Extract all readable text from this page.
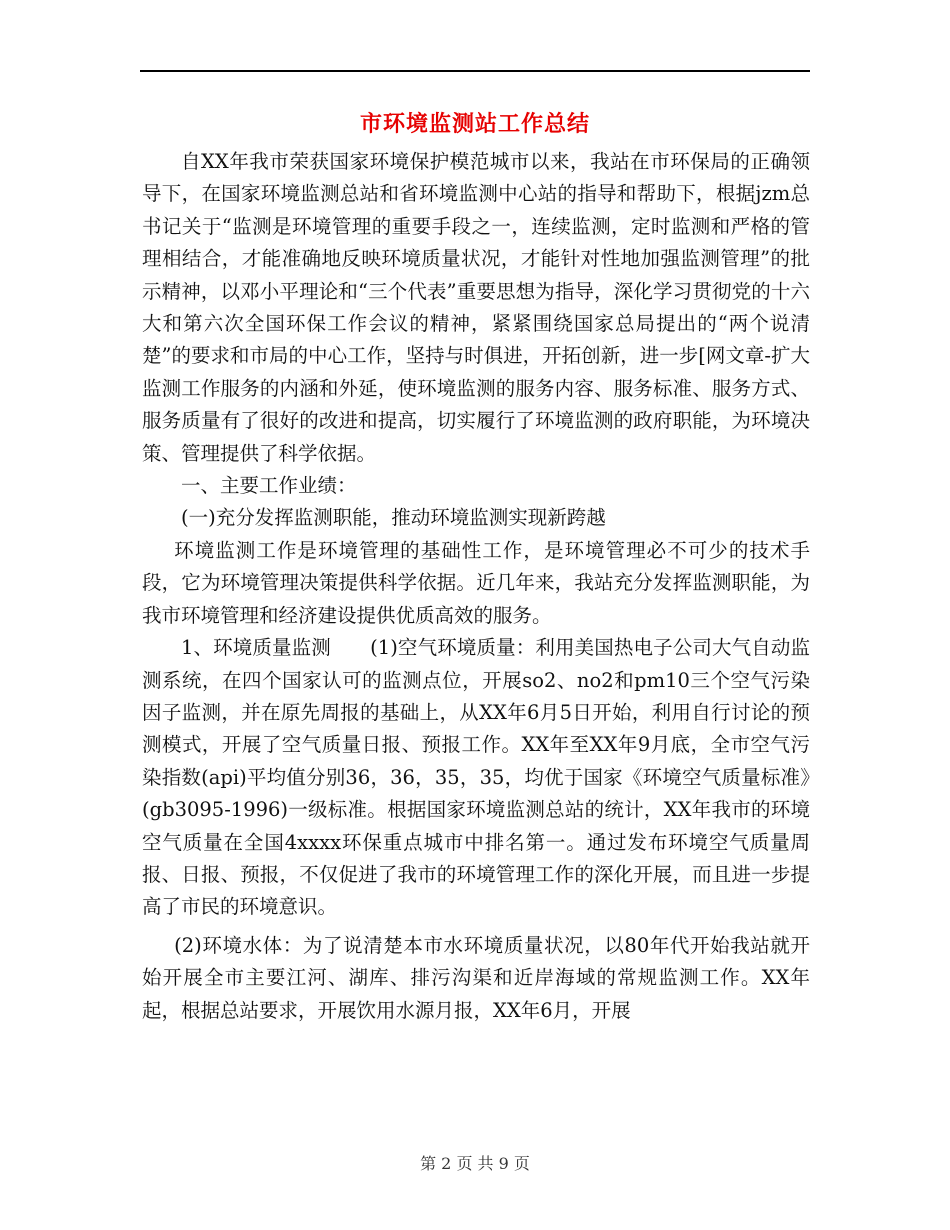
市环境监测站工作总结

自XX年我市荣获国家环境保护模范城市以来，我站在市环保局的正确领导下，在国家环境监测总站和省环境监测中心站的指导和帮助下，根据jzm总书记关于“监测是环境管理的重要手段之一，连续监测，定时监测和严格的管理相结合，才能准确地反映环境质量状况，才能针对性地加强监测管理”的批示精神，以邓小平理论和“三个代表”重要思想为指导，深化学习贯彻党的十六大和第六次全国环保工作会议的精神，紧紧围绕国家总局提出的“两个说清楚”的要求和市局的中心工作，坚持与时俱进，开拓创新，进一步[网文章-扩大监测工作服务的内涵和外延，使环境监测的服务内容、服务标准、服务方式、服务质量有了很好的改进和提高，切实履行了环境监测的政府职能，为环境决策、管理提供了科学依据。

一、主要工作业绩：

(一)充分发挥监测职能，推动环境监测实现新跨越

环境监测工作是环境管理的基础性工作，是环境管理必不可少的技术手段，它为环境管理决策提供科学依据。近几年来，我站充分发挥监测职能，为我市环境管理和经济建设提供优质高效的服务。

1、环境质量监测　　(1)空气环境质量：利用美国热电子公司大气自动监测系统，在四个国家认可的监测点位，开展so2、no2和pm10三个空气污染因子监测，并在原先周报的基础上，从XX年6月5日开始，利用自行讨论的预测模式，开展了空气质量日报、预报工作。XX年至XX年9月底，全市空气污染指数(api)平均值分别36，36，35，35，均优于国家《环境空气质量标准》(gb3095-1996)一级标准。根据国家环境监测总站的统计，XX年我市的环境空气质量在全国4xxxx环保重点城市中排名第一。通过发布环境空气质量周报、日报、预报，不仅促进了我市的环境管理工作的深化开展，而且进一步提高了市民的环境意识。

(2)环境水体：为了说清楚本市水环境质量状况，以80年代开始我站就开始开展全市主要江河、湖库、排污沟渠和近岸海域的常规监测工作。XX年起，根据总站要求，开展饮用水源月报，XX年6月，开展

第 2 页 共 9 页
